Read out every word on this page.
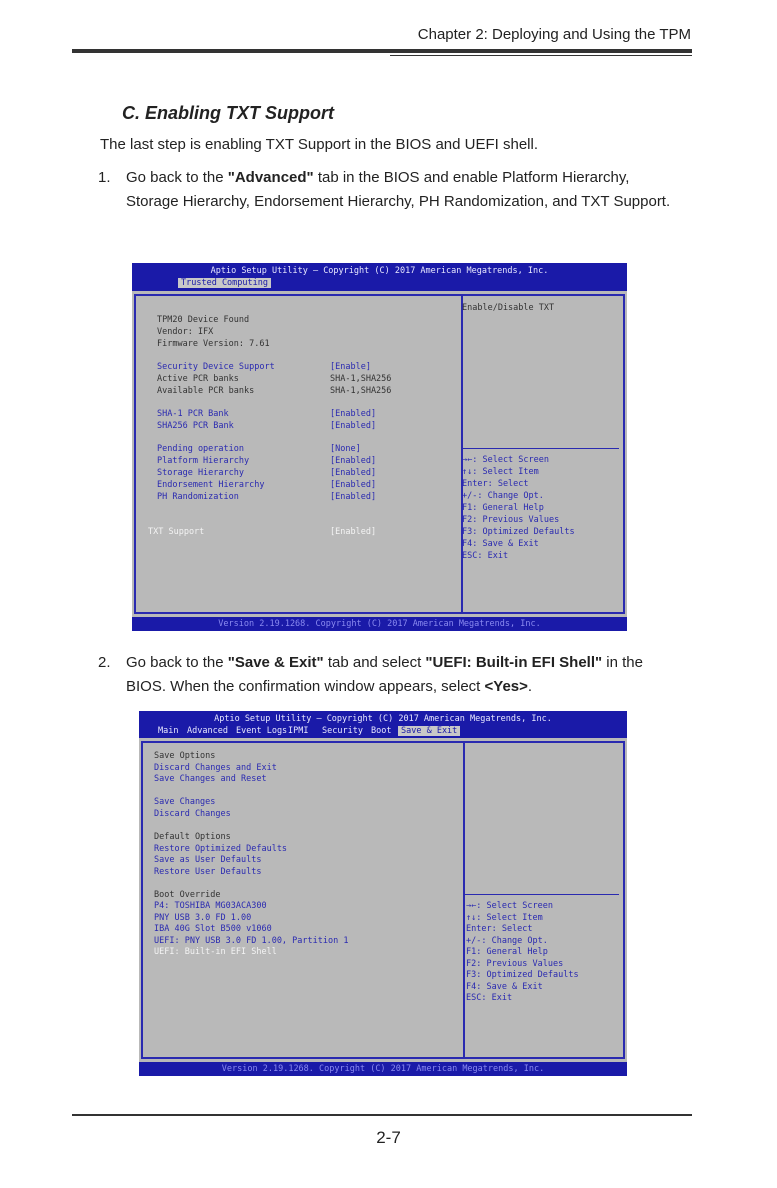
Chapter 2: Deploying and Using the TPM
C. Enabling TXT Support
The last step is enabling TXT Support in the BIOS and UEFI shell.
1. Go back to the "Advanced" tab in the BIOS and enable Platform Hierarchy, Storage Hierarchy, Endorsement Hierarchy, PH Randomization, and TXT Support.
Aptio Setup Utility – Copyright (C) 2017 American Megatrends, Inc.
Trusted Computing
Enable/Disable TXT
Version 2.19.1268. Copyright (C) 2017 American Megatrends, Inc.
TPM20 Device Found
Vendor: IFX
Firmware Version: 7.61
Security Device Support	[Enable]
Active PCR banks	SHA-1,SHA256
Available PCR banks	SHA-1,SHA256
SHA-1 PCR Bank	[Enabled]
SHA256 PCR Bank	[Enabled]
Pending operation	[None]
Platform Hierarchy	[Enabled]
Storage Hierarchy	[Enabled]
Endorsement Hierarchy	[Enabled]
PH Randomization	[Enabled]
TXT Support	[Enabled]
→←: Select Screen
↑↓: Select Item
Enter: Select
+/-: Change Opt.
F1: General Help
F2: Previous Values
F3: Optimized Defaults
F4: Save & Exit
ESC: Exit
2. Go back to the "Save & Exit" tab and select "UEFI: Built-in EFI Shell" in the BIOS. When the confirmation window appears, select <Yes>.
Aptio Setup Utility – Copyright (C) 2017 American Megatrends, Inc.
Main Advanced Event Logs IPMI Security Boot	Save & Exit
Version 2.19.1268. Copyright (C) 2017 American Megatrends, Inc.
Save Options
Discard Changes and Exit
Save Changes and Reset
Save Changes
Discard Changes
Default Options
Restore Optimized Defaults
Save as User Defaults
Restore User Defaults
Boot Override
P4: TOSHIBA MG03ACA300
PNY USB 3.0 FD 1.00
IBA 40G Slot B500 v1060
UEFI: PNY USB 3.0 FD 1.00, Partition 1
UEFI: Built-in EFI Shell
→←: Select Screen
↑↓: Select Item
Enter: Select
+/-: Change Opt.
F1: General Help
F2: Previous Values
F3: Optimized Defaults
F4: Save & Exit
ESC: Exit
2-7
